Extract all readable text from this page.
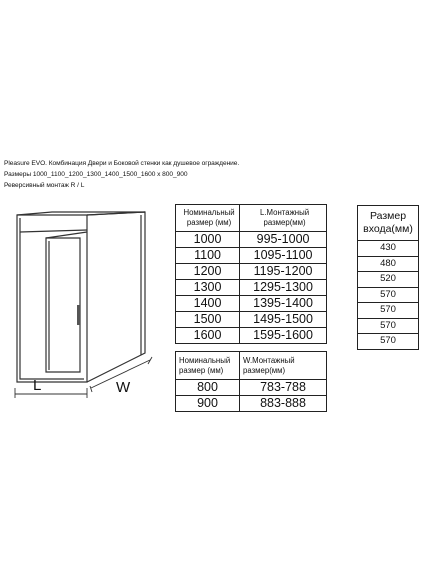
Pleasure EVO. Комбинация Двери и Боковой стенки как душевое ограждение.
Размеры 1000_1100_1200_1300_1400_1500_1600 x 800_900
Реверсивный монтаж R / L
L	W
Номинальный
размер (мм)	L.Монтажный
размер(мм)
1000	995-1000
1100	1095-1100
1200	1195-1200
1300	1295-1300
1400	1395-1400
1500	1495-1500
1600	1595-1600
Номинальный
размер (мм)	W.Монтажный
размер(мм)
800	783-788
900	883-888
Размер
входа(мм)
430
480
520
570
570
570
570
